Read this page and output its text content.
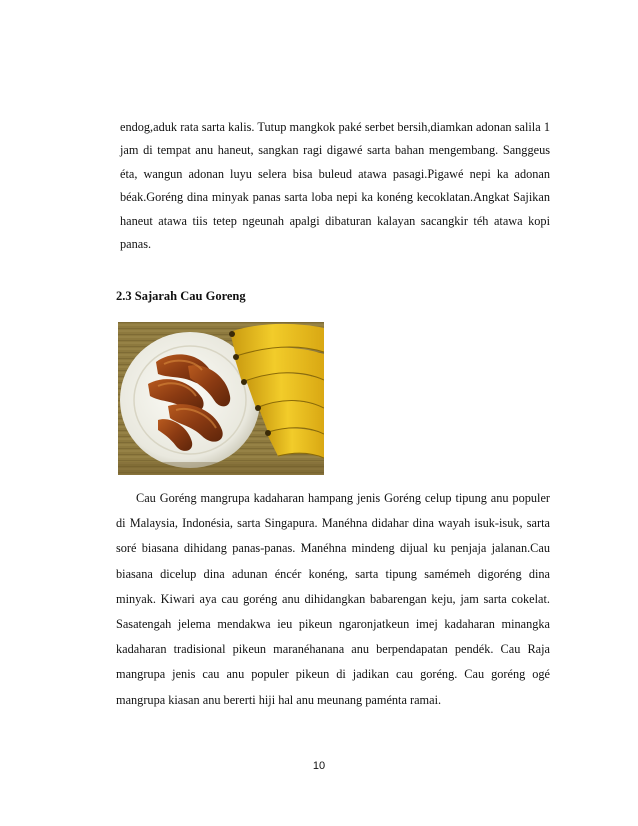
endog,aduk rata sarta kalis. Tutup mangkok paké serbet bersih,diamkan adonan salila 1 jam di tempat anu haneut, sangkan ragi digawé sarta bahan mengembang. Sanggeus éta, wangun adonan luyu selera bisa buleud atawa pasagi.Pigawé nepi ka adonan béak.Goréng dina minyak panas sarta loba nepi ka konéng kecoklatan.Angkat Sajikan haneut atawa tiis tetep ngeunah apalgi dibaturan kalayan sacangkir téh atawa kopi panas.

2.3 Sajarah Cau Goreng

Cau Goréng mangrupa kadaharan hampang jenis Goréng celup tipung anu populer di Malaysia, Indonésia, sarta Singapura. Manéhna didahar dina wayah isuk-isuk, sarta soré biasana dihidang panas-panas. Manéhna mindeng dijual ku penjaja jalanan.Cau biasana dicelup dina adunan éncér konéng, sarta tipung samémeh digoréng dina minyak. Kiwari aya cau goréng anu dihidangkan babarengan keju, jam sarta cokelat. Sasatengah jelema mendakwa ieu pikeun ngaronjatkeun imej kadaharan minangka kadaharan tradisional pikeun maranéhanana anu berpendapatan pendék. Cau Raja mangrupa jenis cau anu populer pikeun di jadikan cau goréng. Cau goréng ogé mangrupa kiasan anu bererti hiji hal anu meunang paménta ramai.

10
